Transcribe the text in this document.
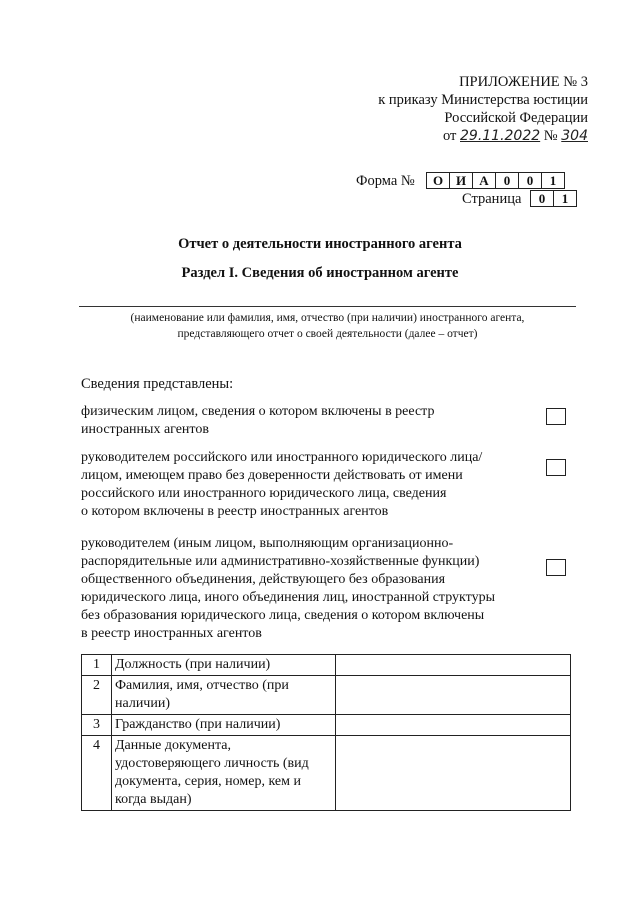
ПРИЛОЖЕНИЕ № 3
к приказу Министерства юстиции
Российской Федерации
от 29.11.2022 № 304
Форма № О	И	А	0	0	1
Страница 0	1
Отчет о деятельности иностранного агента
Раздел I. Сведения об иностранном агенте
(наименование или фамилия, имя, отчество (при наличии) иностранного агента,
представляющего отчет о своей деятельности (далее – отчет)
Сведения представлены:
физическим лицом, сведения о котором включены в реестр
иностранных агентов
руководителем российского или иностранного юридического лица/
лицом, имеющем право без доверенности действовать от имени
российского или иностранного юридического лица, сведения
о котором включены в реестр иностранных агентов
руководителем (иным лицом, выполняющим организационно-
распорядительные или административно-хозяйственные функции)
общественного объединения, действующего без образования
юридического лица, иного объединения лиц, иностранной структуры
без образования юридического лица, сведения о котором включены
в реестр иностранных агентов
1	Должность (при наличии)	
2	Фамилия, имя, отчество (при наличии)	
3	Гражданство (при наличии)	
4	Данные документа, удостоверяющего личность (вид документа, серия, номер, кем и когда выдан)	
